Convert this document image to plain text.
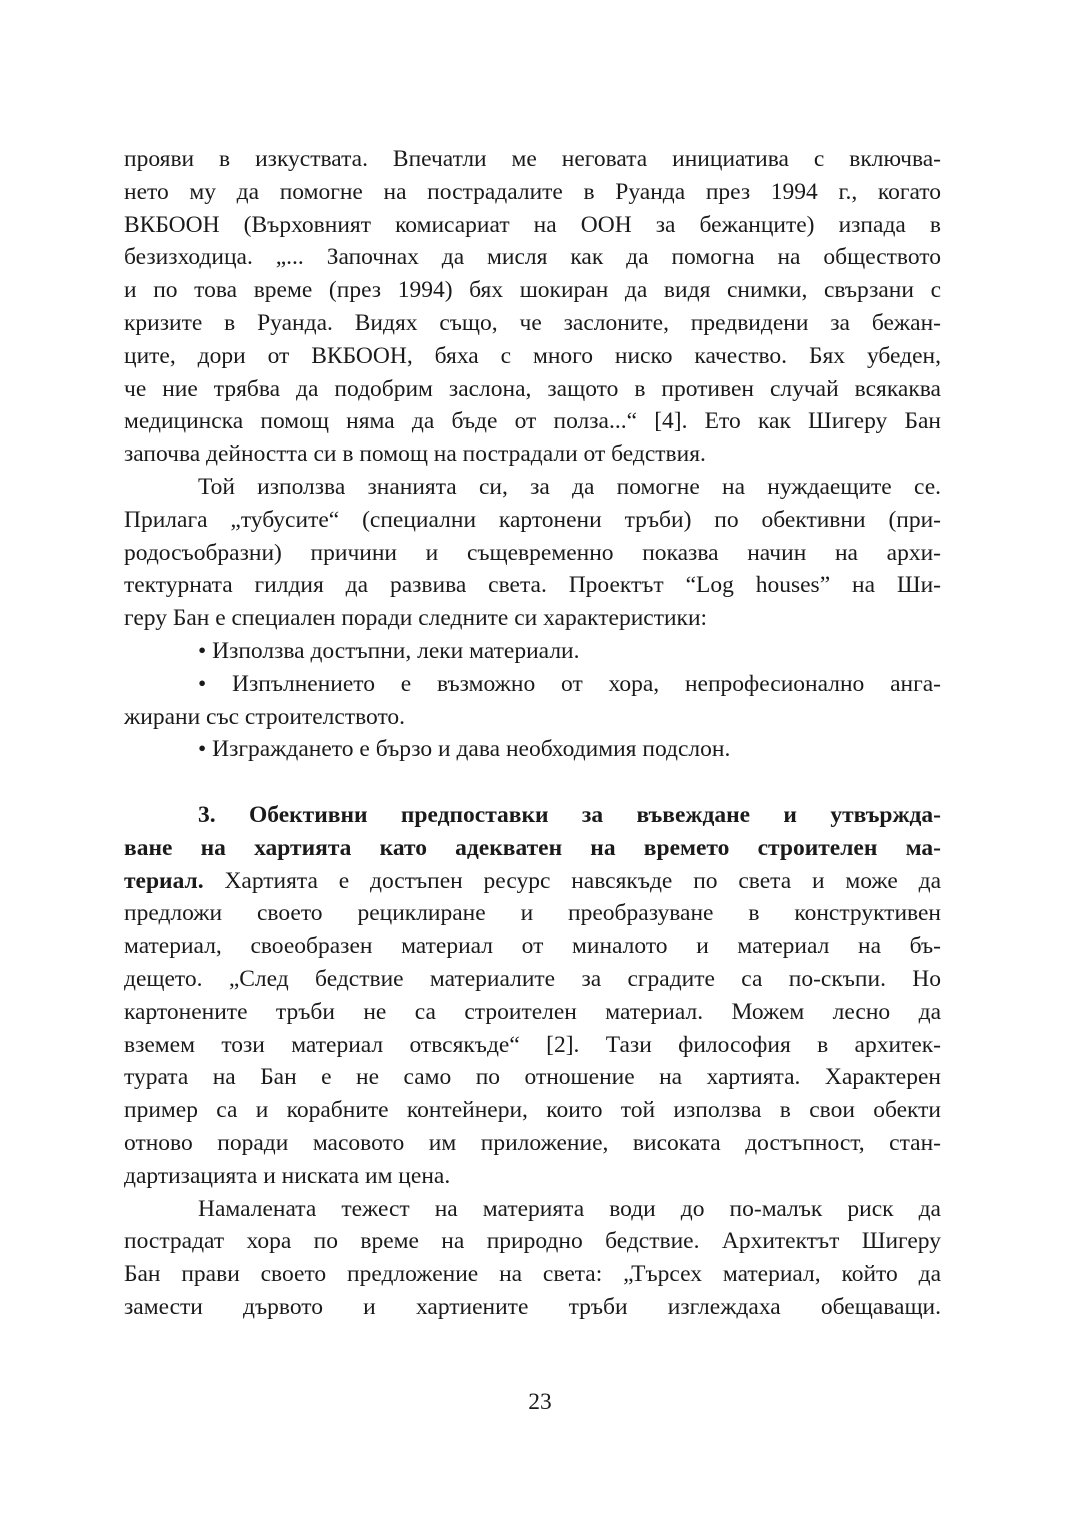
прояви в изкуствата. Впечатли ме неговата инициатива с включва-

нето му да помогне на пострадалите в Руанда през 1994 г., когато

ВКБООН (Върховният комисариат на ООН за бежанците) изпада в

безизходица. „... Започнах да мисля как да помогна на обществото

и по това време (през 1994) бях шокиран да видя снимки, свързани с

кризите в Руанда. Видях също, че заслоните, предвидени за бежан-

ците, дори от ВКБООН, бяха с много ниско качество. Бях убеден,

че ние трябва да подобрим заслона, защото в противен случай всякаква

медицинска помощ няма да бъде от полза...“ [4]. Ето как Шигеру Бан

започва дейността си в помощ на пострадали от бедствия.

Той използва знанията си, за да помогне на нуждаещите се.

Прилага „тубусите“ (специални картонени тръби) по обективни (при-

родосъобразни) причини и същевременно показва начин на архи-

тектурната гилдия да развива света. Проектът “Log houses” на Ши-

геру Бан е специален поради следните си характеристики:

• Използва достъпни, леки материали.

• Изпълнението е възможно от хора, непрофесионално анга-

жирани със строителството.

• Изграждането е бързо и дава необходимия подслон.

3. Обективни предпоставки за въвеждане и утвържда-

ване на хартията като адекватен на времето строителен ма-

териал. Хартията е достъпен ресурс навсякъде по света и може да

предложи своето рециклиране и преобразуване в конструктивен

материал, своеобразен материал от миналото и материал на бъ-

дещето. „След бедствие материалите за сградите са по-скъпи. Но

картонените тръби не са строителен материал. Можем лесно да

вземем този материал отвсякъде“ [2]. Тази философия в архитек-

турата на Бан е не само по отношение на хартията. Характерен

пример са и корабните контейнери, които той използва в свои обекти

отново поради масовото им приложение, високата достъпност, стан-

дартизацията и ниската им цена.

Намалената тежест на материята води до по-малък риск да

пострадат хора по време на природно бедствие. Архитектът Шигеру

Бан прави своето предложение на света: „Търсех материал, който да

замести дървото и хартиените тръби изглеждаха обещаващи.

23
